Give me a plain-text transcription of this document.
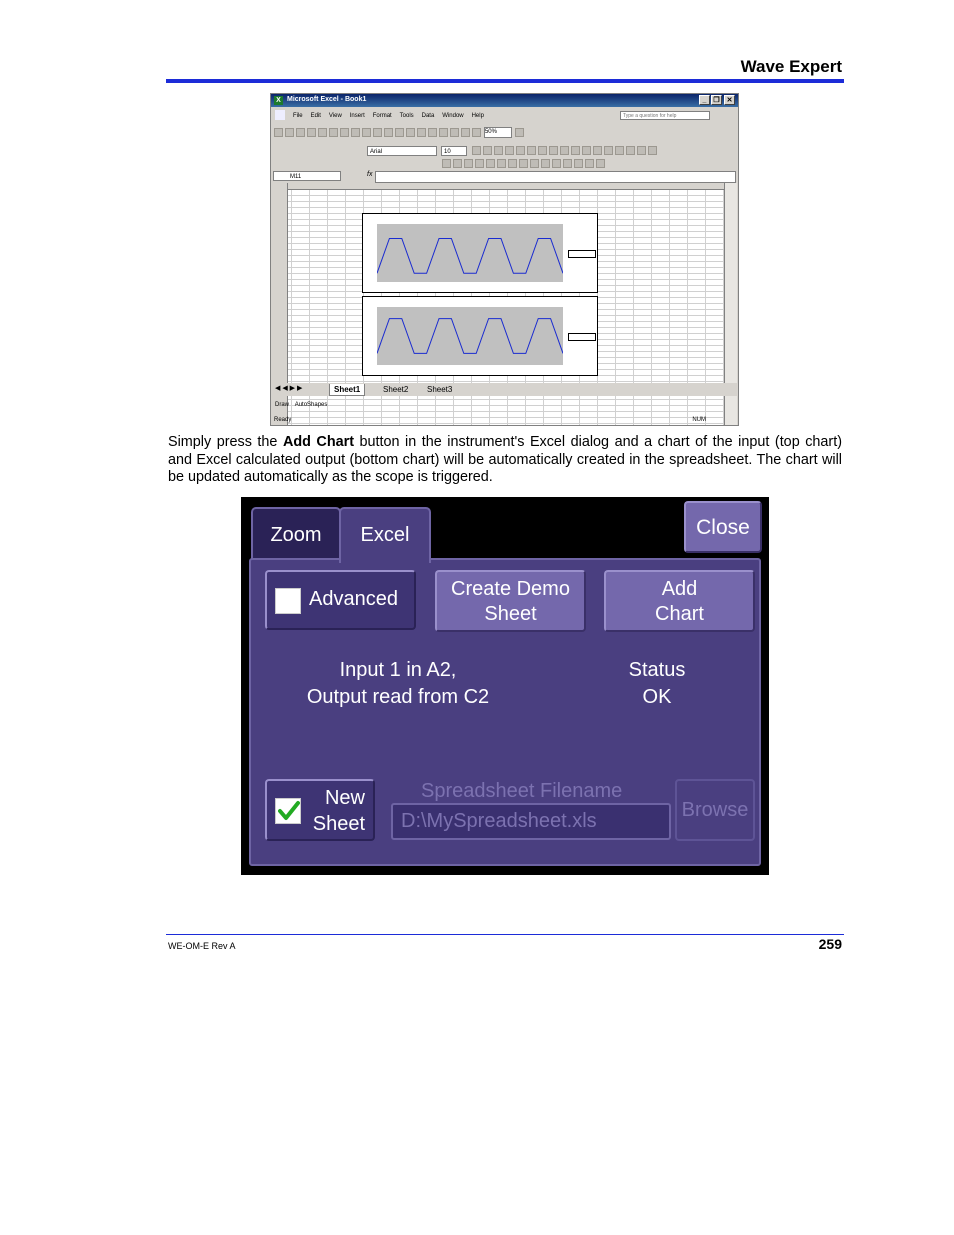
Wave Expert
X Microsoft Excel - Book1	_ ❐ ✕
File Edit View Insert Format Tools Data Window Help	Type a question for help
50%
Arial	10
M11	fx
◀ ◀ ▶ ▶	Sheet1	Sheet2	Sheet3
Draw AutoShapes
Ready	NUM
Simply press the Add Chart button in the instrument's Excel dialog and a chart of the input (top chart) and Excel calculated output (bottom chart) will be automatically created in the spreadsheet. The chart will be updated automatically as the scope is triggered.
Zoom	Excel	Close
Advanced	Create Demo
Sheet
Add
Chart
Input 1 in A2,
Output read from C2
Status
OK
New
Sheet
Spreadsheet Filename
D:\MySpreadsheet.xls	Browse
WE-OM-E Rev A	259
